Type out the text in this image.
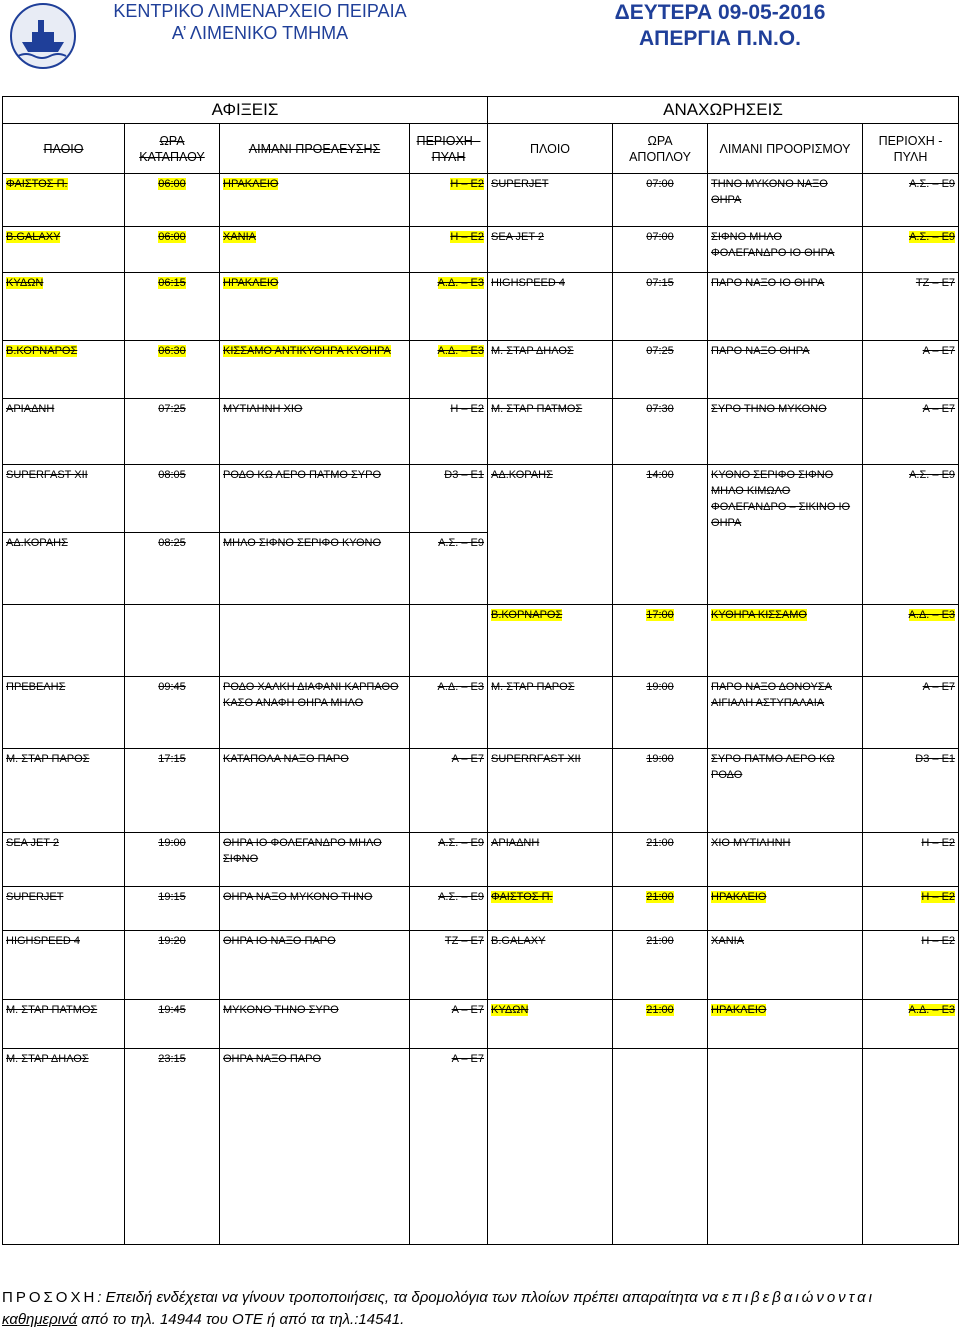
ΚΕΝΤΡΙΚΟ ΛΙΜΕΝΑΡΧΕΙΟ ΠΕΙΡΑΙΑ
Α’ ΛΙΜΕΝΙΚΟ ΤΜΗΜΑ
ΔΕΥΤΕΡΑ 09-05-2016
ΑΠΕΡΓΙΑ Π.Ν.Ο.
ΑΦΙΞΕΙΣ				ΑΝΑΧΩΡΗΣΕΙΣ			
ΠΛΟΙΟ	ΩΡΑ ΚΑΤΑΠΛΟΥ	ΛΙΜΑΝΙ ΠΡΟΕΛΕΥΣΗΣ	ΠΕΡΙΟΧΗ - ΠΥΛΗ	ΠΛΟΙΟ	ΩΡΑ ΑΠΟΠΛΟΥ	ΛΙΜΑΝΙ ΠΡΟΟΡΙΣΜΟΥ	ΠΕΡΙΟΧΗ - ΠΥΛΗ
ΦΑΙΣΤΟΣ Π.	06:00	ΗΡΑΚΛΕΙΟ	Η – Ε2	SUPERJET	07:00	ΤΗΝΟ ΜΥΚΟΝΟ ΝΑΞΟ ΘΗΡΑ	Α.Σ. – Ε9
Β.GALAXY	06:00	ΧΑΝΙΑ	Η – Ε2	SEA JET 2	07:00	ΣΙΦΝΟ ΜΗΛΟ ΦΟΛΕΓΑΝΔΡΟ ΙΟ ΘΗΡΑ	Α.Σ. – Ε9
ΚΥΔΩΝ	06:15	ΗΡΑΚΛΕΙΟ	Α.Δ. – Ε3	HIGHSPEED 4	07:15	ΠΑΡΟ ΝΑΞΟ ΙΟ ΘΗΡΑ	ΤΖ – Ε7
Β.ΚΟΡΝΑΡΟΣ	06:30	ΚΙΣΣΑΜΟ ΑΝΤΙΚΥΘΗΡΑ ΚΥΘΗΡΑ	Α.Δ. – Ε3	Μ. ΣΤΑΡ ΔΗΛΟΣ	07:25	ΠΑΡΟ ΝΑΞΟ ΘΗΡΑ	Α – Ε7
ΑΡΙΑΔΝΗ	07:25	ΜΥΤΙΛΗΝΗ ΧΙΟ	Η – Ε2	Μ. ΣΤΑΡ ΠΑΤΜΟΣ	07:30	ΣΥΡΟ ΤΗΝΟ ΜΥΚΟΝΟ	Α – Ε7
SUPERFAST XII	08:05	ΡΟΔΟ ΚΩ ΛΕΡΟ ΠΑΤΜΟ ΣΥΡΟ	D3 – E1	ΑΔ.ΚΟΡΑΗΣ	14:00	ΚΥΘΝΟ ΣΕΡΙΦΟ ΣΙΦΝΟ ΜΗΛΟ ΚΙΜΩΛΟ ΦΟΛΕΓΑΝΔΡΟ – ΣΙΚΙΝΟ ΙΟ ΘΗΡΑ	Α.Σ. – Ε9
ΑΔ.ΚΟΡΑΗΣ	08:25	ΜΗΛΟ ΣΙΦΝΟ ΣΕΡΙΦΟ ΚΥΘΝΟ	Α.Σ. – Ε9				
				Β.ΚΟΡΝΑΡΟΣ	17:00	ΚΥΘΗΡΑ ΚΙΣΣΑΜΟ	Α.Δ. – Ε3
ΠΡΕΒΕΛΗΣ	09:45	ΡΟΔΟ ΧΑΛΚΗ ΔΙΑΦΑΝΙ ΚΑΡΠΑΘΟ ΚΑΣΟ ΑΝΑΦΗ ΘΗΡΑ ΜΗΛΟ	Α.Δ. – Ε3	Μ. ΣΤΑΡ ΠΑΡΟΣ	19:00	ΠΑΡΟ ΝΑΞΟ ΔΟΝΟΥΣΑ ΑΙΓΙΑΛΗ ΑΣΤΥΠΑΛΑΙΑ	Α – Ε7
Μ. ΣΤΑΡ ΠΑΡΟΣ	17:15	ΚΑΤΑΠΟΛΑ ΝΑΞΟ ΠΑΡΟ	Α – Ε7	SUPERRFAST XII	19:00	ΣΥΡΟ ΠΑΤΜΟ ΛΕΡΟ ΚΩ ΡΟΔΟ	D3 – E1
SEA JET 2	19:00	ΘΗΡΑ ΙΟ ΦΟΛΕΓΑΝΔΡΟ ΜΗΛΟ ΣΙΦΝΟ	Α.Σ. – Ε9	ΑΡΙΑΔΝΗ	21:00	ΧΙΟ ΜΥΤΙΛΗΝΗ	Η – Ε2
SUPERJET	19:15	ΘΗΡΑ ΝΑΞΟ ΜΥΚΟΝΟ ΤΗΝΟ	Α.Σ. – Ε9	ΦΑΙΣΤΟΣ Π.	21:00	ΗΡΑΚΛΕΙΟ	Η – Ε2
HIGHSPEED 4	19:20	ΘΗΡΑ ΙΟ ΝΑΞΟ ΠΑΡΟ	ΤΖ – Ε7	Β.GALAXY	21:00	ΧΑΝΙΑ	Η – Ε2
Μ. ΣΤΑΡ ΠΑΤΜΟΣ	19:45	ΜΥΚΟΝΟ ΤΗΝΟ ΣΥΡΟ	Α – Ε7	ΚΥΔΩΝ	21:00	ΗΡΑΚΛΕΙΟ	Α.Δ. – Ε3
Μ. ΣΤΑΡ ΔΗΛΟΣ	23:15	ΘΗΡΑ ΝΑΞΟ ΠΑΡΟ	Α – Ε7				
ΠΡΟΣΟΧΗ: Επειδή ενδέχεται να γίνουν τροποποιήσεις, τα δρομολόγια των πλοίων πρέπει απαραίτητα να επιβεβαιώνονται
καθημερινά από το τηλ. 14944 του ΟΤΕ ή από τα τηλ.:14541.
